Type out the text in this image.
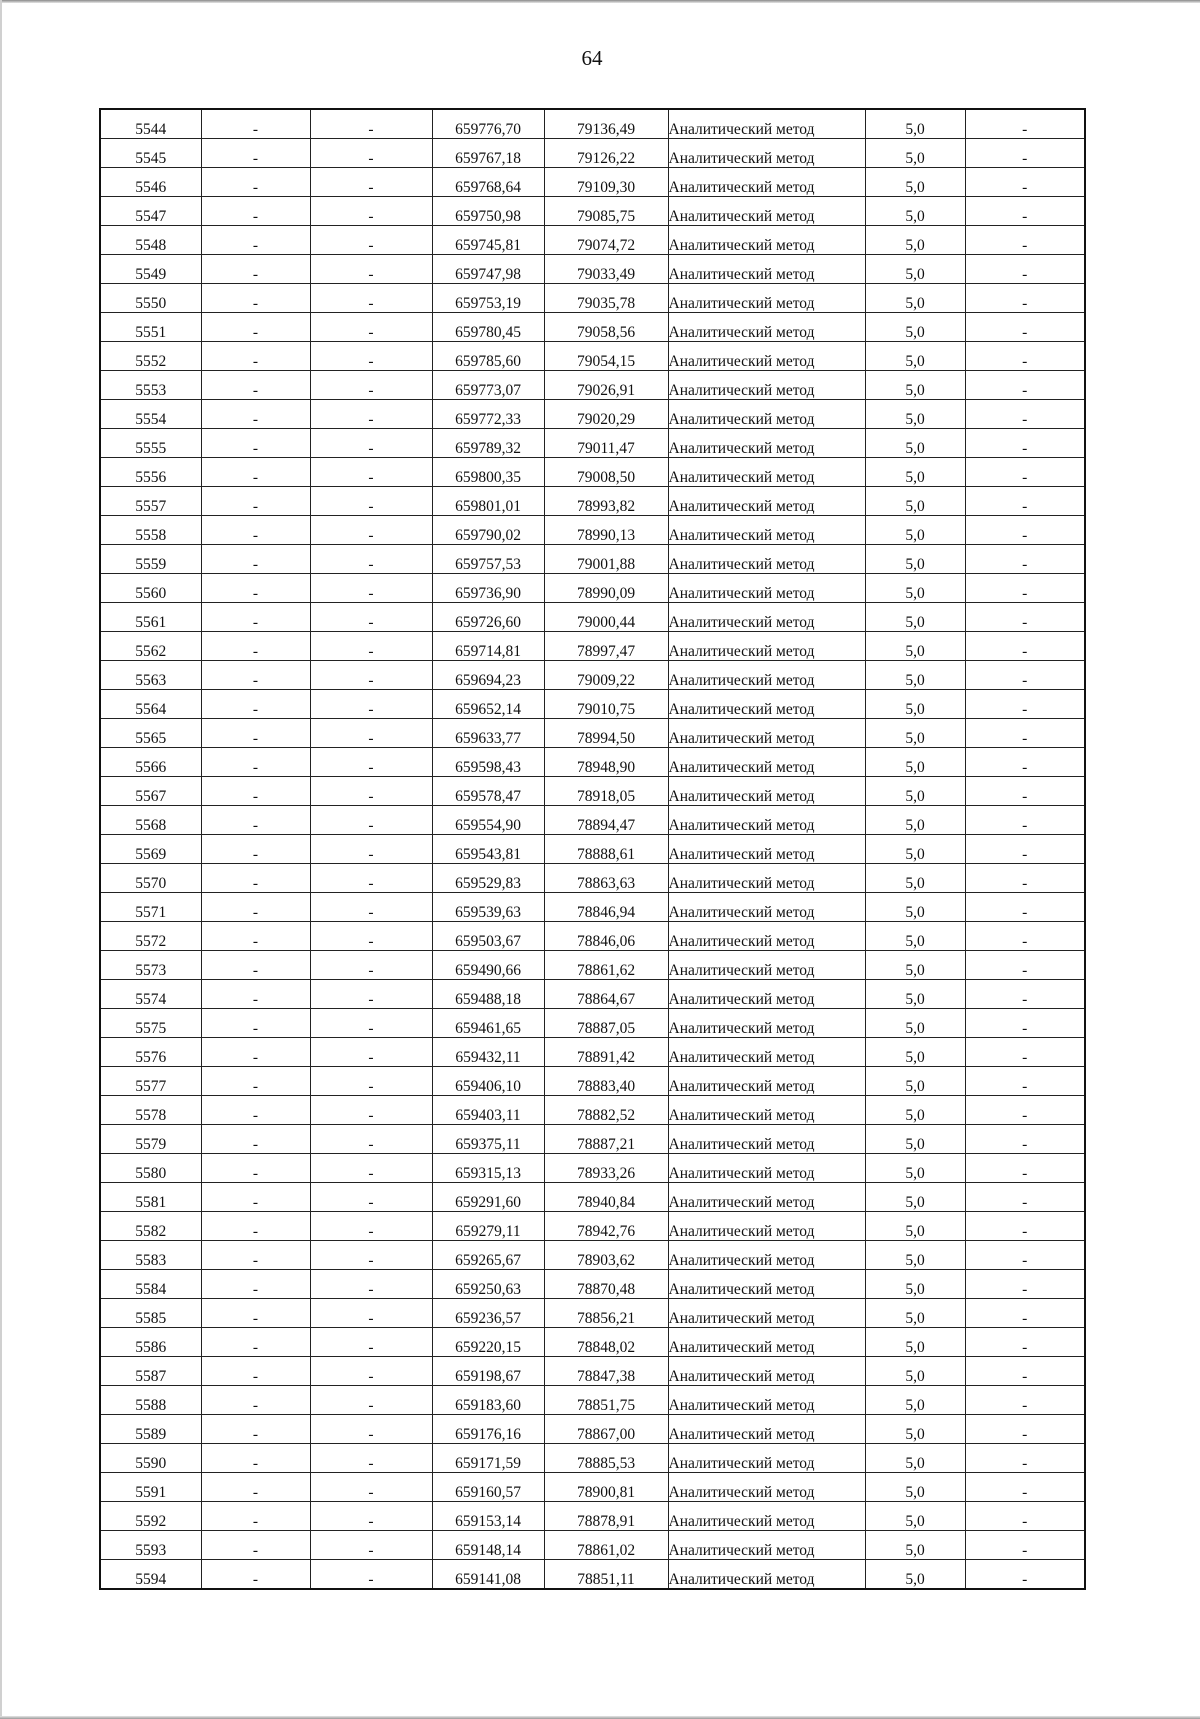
64
5544	-	-	659776,70	79136,49	Аналитический метод	5,0	-
5545	-	-	659767,18	79126,22	Аналитический метод	5,0	-
5546	-	-	659768,64	79109,30	Аналитический метод	5,0	-
5547	-	-	659750,98	79085,75	Аналитический метод	5,0	-
5548	-	-	659745,81	79074,72	Аналитический метод	5,0	-
5549	-	-	659747,98	79033,49	Аналитический метод	5,0	-
5550	-	-	659753,19	79035,78	Аналитический метод	5,0	-
5551	-	-	659780,45	79058,56	Аналитический метод	5,0	-
5552	-	-	659785,60	79054,15	Аналитический метод	5,0	-
5553	-	-	659773,07	79026,91	Аналитический метод	5,0	-
5554	-	-	659772,33	79020,29	Аналитический метод	5,0	-
5555	-	-	659789,32	79011,47	Аналитический метод	5,0	-
5556	-	-	659800,35	79008,50	Аналитический метод	5,0	-
5557	-	-	659801,01	78993,82	Аналитический метод	5,0	-
5558	-	-	659790,02	78990,13	Аналитический метод	5,0	-
5559	-	-	659757,53	79001,88	Аналитический метод	5,0	-
5560	-	-	659736,90	78990,09	Аналитический метод	5,0	-
5561	-	-	659726,60	79000,44	Аналитический метод	5,0	-
5562	-	-	659714,81	78997,47	Аналитический метод	5,0	-
5563	-	-	659694,23	79009,22	Аналитический метод	5,0	-
5564	-	-	659652,14	79010,75	Аналитический метод	5,0	-
5565	-	-	659633,77	78994,50	Аналитический метод	5,0	-
5566	-	-	659598,43	78948,90	Аналитический метод	5,0	-
5567	-	-	659578,47	78918,05	Аналитический метод	5,0	-
5568	-	-	659554,90	78894,47	Аналитический метод	5,0	-
5569	-	-	659543,81	78888,61	Аналитический метод	5,0	-
5570	-	-	659529,83	78863,63	Аналитический метод	5,0	-
5571	-	-	659539,63	78846,94	Аналитический метод	5,0	-
5572	-	-	659503,67	78846,06	Аналитический метод	5,0	-
5573	-	-	659490,66	78861,62	Аналитический метод	5,0	-
5574	-	-	659488,18	78864,67	Аналитический метод	5,0	-
5575	-	-	659461,65	78887,05	Аналитический метод	5,0	-
5576	-	-	659432,11	78891,42	Аналитический метод	5,0	-
5577	-	-	659406,10	78883,40	Аналитический метод	5,0	-
5578	-	-	659403,11	78882,52	Аналитический метод	5,0	-
5579	-	-	659375,11	78887,21	Аналитический метод	5,0	-
5580	-	-	659315,13	78933,26	Аналитический метод	5,0	-
5581	-	-	659291,60	78940,84	Аналитический метод	5,0	-
5582	-	-	659279,11	78942,76	Аналитический метод	5,0	-
5583	-	-	659265,67	78903,62	Аналитический метод	5,0	-
5584	-	-	659250,63	78870,48	Аналитический метод	5,0	-
5585	-	-	659236,57	78856,21	Аналитический метод	5,0	-
5586	-	-	659220,15	78848,02	Аналитический метод	5,0	-
5587	-	-	659198,67	78847,38	Аналитический метод	5,0	-
5588	-	-	659183,60	78851,75	Аналитический метод	5,0	-
5589	-	-	659176,16	78867,00	Аналитический метод	5,0	-
5590	-	-	659171,59	78885,53	Аналитический метод	5,0	-
5591	-	-	659160,57	78900,81	Аналитический метод	5,0	-
5592	-	-	659153,14	78878,91	Аналитический метод	5,0	-
5593	-	-	659148,14	78861,02	Аналитический метод	5,0	-
5594	-	-	659141,08	78851,11	Аналитический метод	5,0	-
